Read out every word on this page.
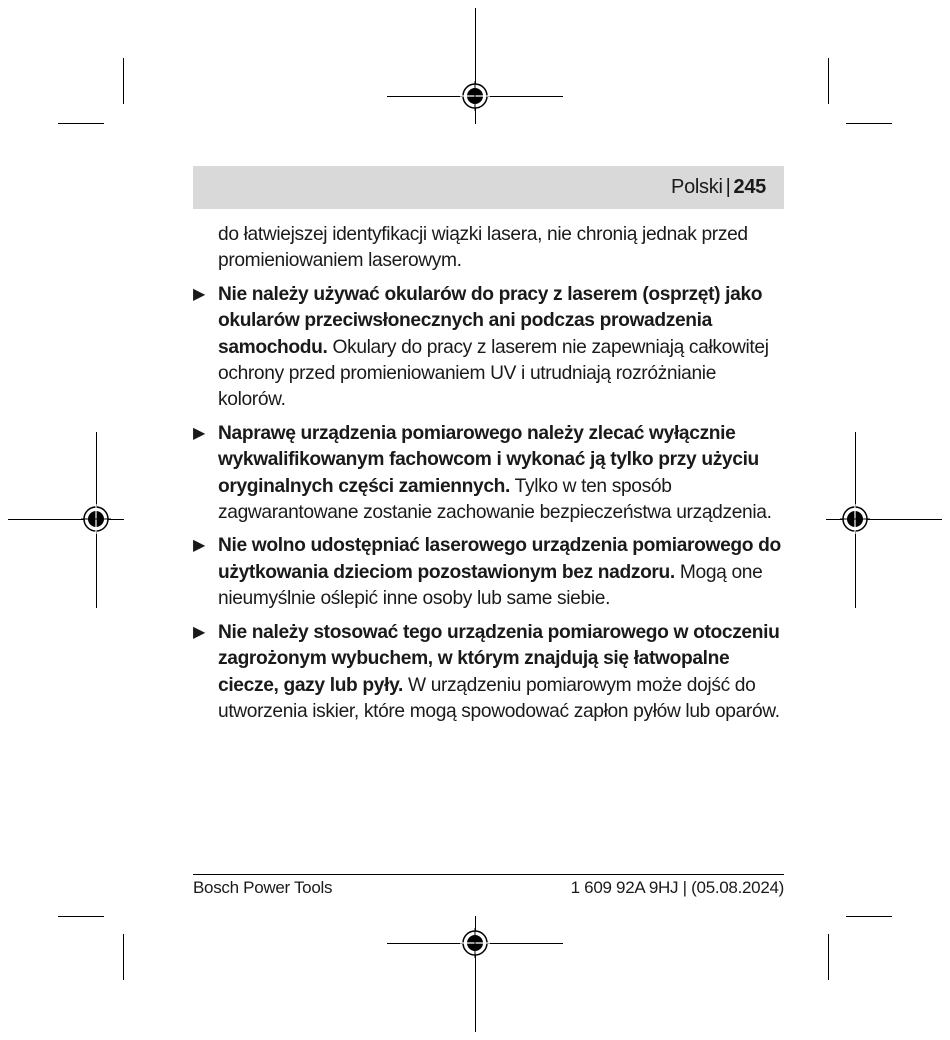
Polski | 245

do łatwiejszej identyfikacji wiązki lasera, nie chronią jednak przed promieniowaniem laserowym.

▶ Nie należy używać okularów do pracy z laserem (osprzęt) jako okularów przeciwsłonecznych ani podczas prowadzenia samochodu. Okulary do pracy z laserem nie zapewniają całkowitej ochrony przed promieniowaniem UV i utrudniają rozróżnianie kolorów.
▶ Naprawę urządzenia pomiarowego należy zlecać wyłącznie wykwalifikowanym fachowcom i wykonać ją tylko przy użyciu oryginalnych części zamiennych. Tylko w ten sposób zagwarantowane zostanie zachowanie bezpieczeństwa urządzenia.
▶ Nie wolno udostępniać laserowego urządzenia pomiarowego do użytkowania dzieciom pozostawionym bez nadzoru. Mogą one nieumyślnie oślepić inne osoby lub same siebie.
▶ Nie należy stosować tego urządzenia pomiarowego w otoczeniu zagrożonym wybuchem, w którym znajdują się łatwopalne ciecze, gazy lub pyły. W urządzeniu pomiarowym może dojść do utworzenia iskier, które mogą spowodować zapłon pyłów lub oparów.
Bosch Power Tools	1 609 92A 9HJ | (05.08.2024)
